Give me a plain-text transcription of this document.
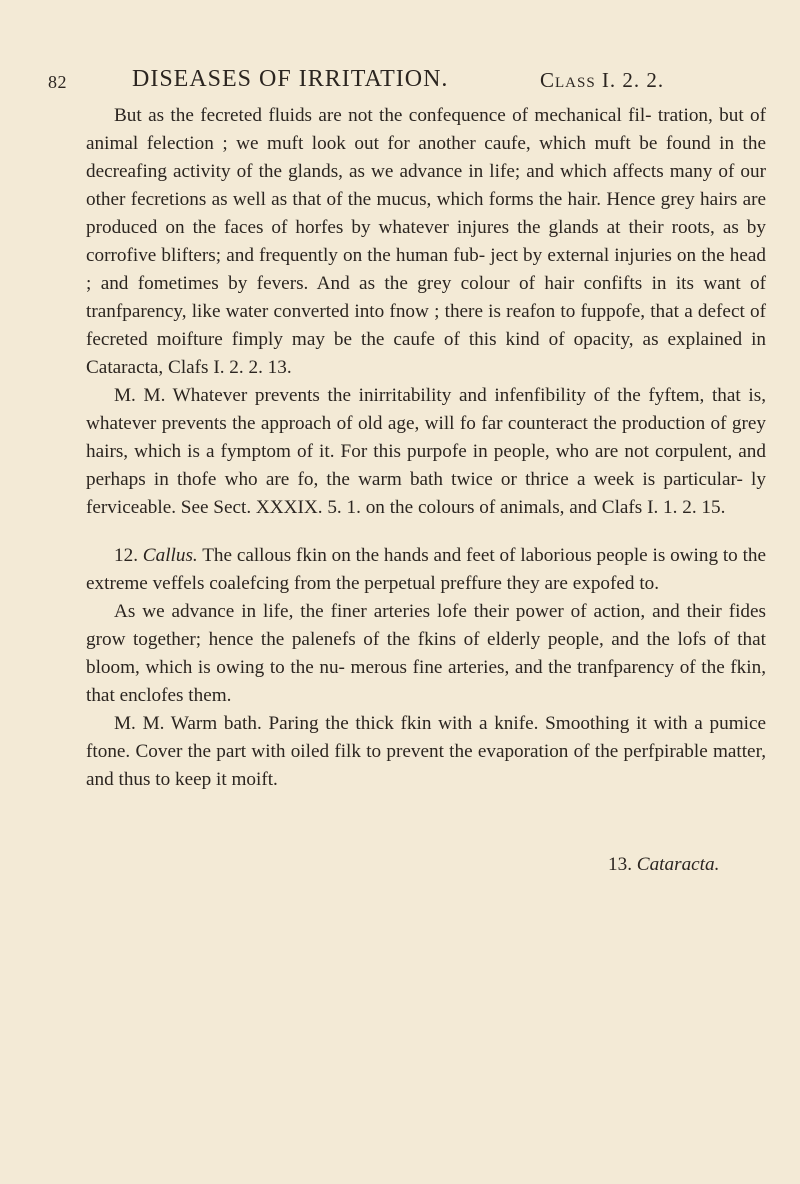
82	DISEASES OF IRRITATION.	Class I. 2. 2.

But as the fecreted fluids are not the confequence of mechanical fil- tration, but of animal felection ; we muft look out for another caufe, which muft be found in the decreafing activity of the glands, as we advance in life; and which affects many of our other fecretions as well as that of the mucus, which forms the hair. Hence grey hairs are produced on the faces of horfes by whatever injures the glands at their roots, as by corrofive blifters; and frequently on the human fub- ject by external injuries on the head ; and fometimes by fevers. And as the grey colour of hair confifts in its want of tranfparency, like water converted into fnow ; there is reafon to fuppofe, that a defect of fecreted moifture fimply may be the caufe of this kind of opacity, as explained in Cataracta, Clafs I. 2. 2. 13.

M. M. Whatever prevents the inirritability and infenfibility of the fyftem, that is, whatever prevents the approach of old age, will fo far counteract the production of grey hairs, which is a fymptom of it. For this purpofe in people, who are not corpulent, and perhaps in thofe who are fo, the warm bath twice or thrice a week is particular- ly ferviceable. See Sect. XXXIX. 5. 1. on the colours of animals, and Clafs I. 1. 2. 15.

12. Callus. The callous fkin on the hands and feet of laborious people is owing to the extreme veffels coalefcing from the perpetual preffure they are expofed to.

As we advance in life, the finer arteries lofe their power of action, and their fides grow together; hence the palenefs of the fkins of elderly people, and the lofs of that bloom, which is owing to the nu- merous fine arteries, and the tranfparency of the fkin, that enclofes them.

M. M. Warm bath. Paring the thick fkin with a knife. Smoothing it with a pumice ftone. Cover the part with oiled filk to prevent the evaporation of the perfpirable matter, and thus to keep it moift.

13. Cataracta.
